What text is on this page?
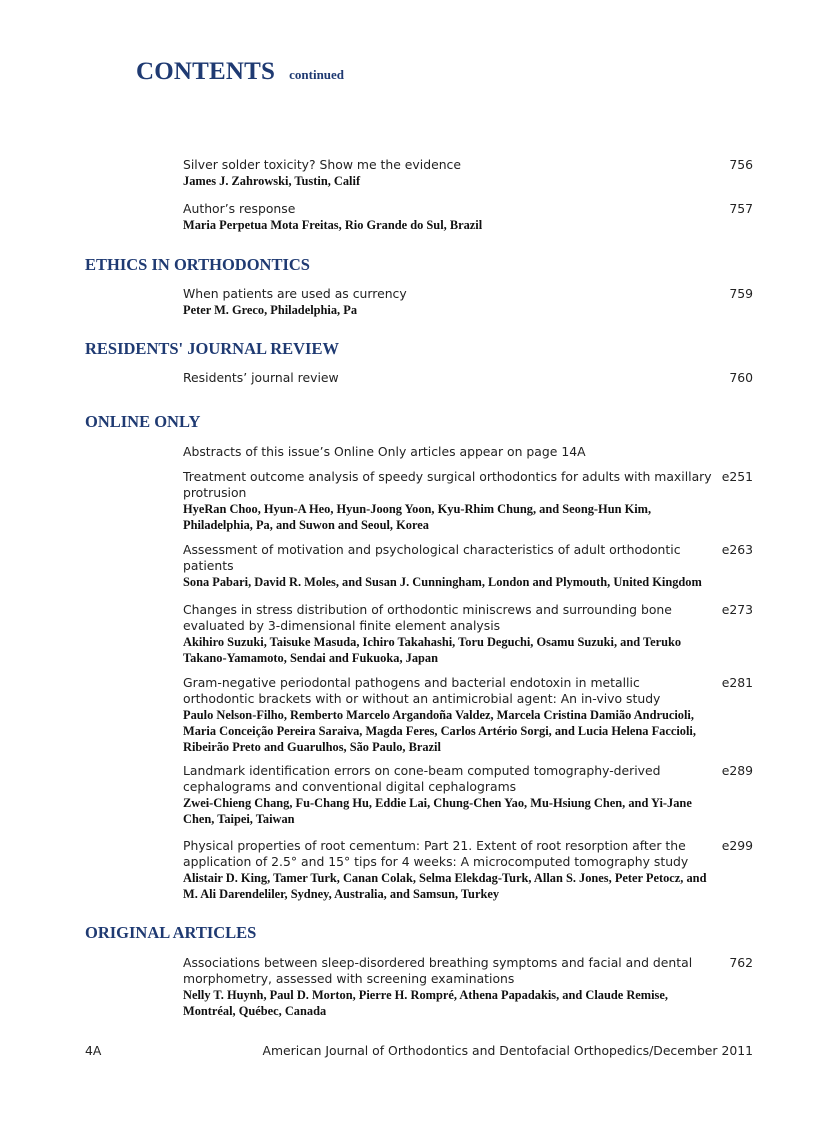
CONTENTS continued
Silver solder toxicity? Show me the evidence
James J. Zahrowski, Tustin, Calif
756
Author’s response
Maria Perpetua Mota Freitas, Rio Grande do Sul, Brazil
757
ETHICS IN ORTHODONTICS
When patients are used as currency
Peter M. Greco, Philadelphia, Pa
759
RESIDENTS' JOURNAL REVIEW
Residents’ journal review	760
ONLINE ONLY
Abstracts of this issue’s Online Only articles appear on page 14A
Treatment outcome analysis of speedy surgical orthodontics for adults with maxillary protrusion
HyeRan Choo, Hyun-A Heo, Hyun-Joong Yoon, Kyu-Rhim Chung, and Seong-Hun Kim, Philadelphia, Pa, and Suwon and Seoul, Korea
e251
Assessment of motivation and psychological characteristics of adult orthodontic patients
Sona Pabari, David R. Moles, and Susan J. Cunningham, London and Plymouth, United Kingdom
e263
Changes in stress distribution of orthodontic miniscrews and surrounding bone evaluated by 3-dimensional finite element analysis
Akihiro Suzuki, Taisuke Masuda, Ichiro Takahashi, Toru Deguchi, Osamu Suzuki, and Teruko Takano-Yamamoto, Sendai and Fukuoka, Japan
e273
Gram-negative periodontal pathogens and bacterial endotoxin in metallic orthodontic brackets with or without an antimicrobial agent: An in-vivo study
Paulo Nelson-Filho, Remberto Marcelo Argandoña Valdez, Marcela Cristina Damião Andrucioli, Maria Conceição Pereira Saraiva, Magda Feres, Carlos Artério Sorgi, and Lucia Helena Faccioli, Ribeirão Preto and Guarulhos, São Paulo, Brazil
e281
Landmark identification errors on cone-beam computed tomography-derived cephalograms and conventional digital cephalograms
Zwei-Chieng Chang, Fu-Chang Hu, Eddie Lai, Chung-Chen Yao, Mu-Hsiung Chen, and Yi-Jane Chen, Taipei, Taiwan
e289
Physical properties of root cementum: Part 21. Extent of root resorption after the application of 2.5° and 15° tips for 4 weeks: A microcomputed tomography study
Alistair D. King, Tamer Turk, Canan Colak, Selma Elekdag-Turk, Allan S. Jones, Peter Petocz, and M. Ali Darendeliler, Sydney, Australia, and Samsun, Turkey
e299
ORIGINAL ARTICLES
Associations between sleep-disordered breathing symptoms and facial and dental morphometry, assessed with screening examinations
Nelly T. Huynh, Paul D. Morton, Pierre H. Rompré, Athena Papadakis, and Claude Remise, Montréal, Québec, Canada
762
4A	American Journal of Orthodontics and Dentofacial Orthopedics/December 2011
